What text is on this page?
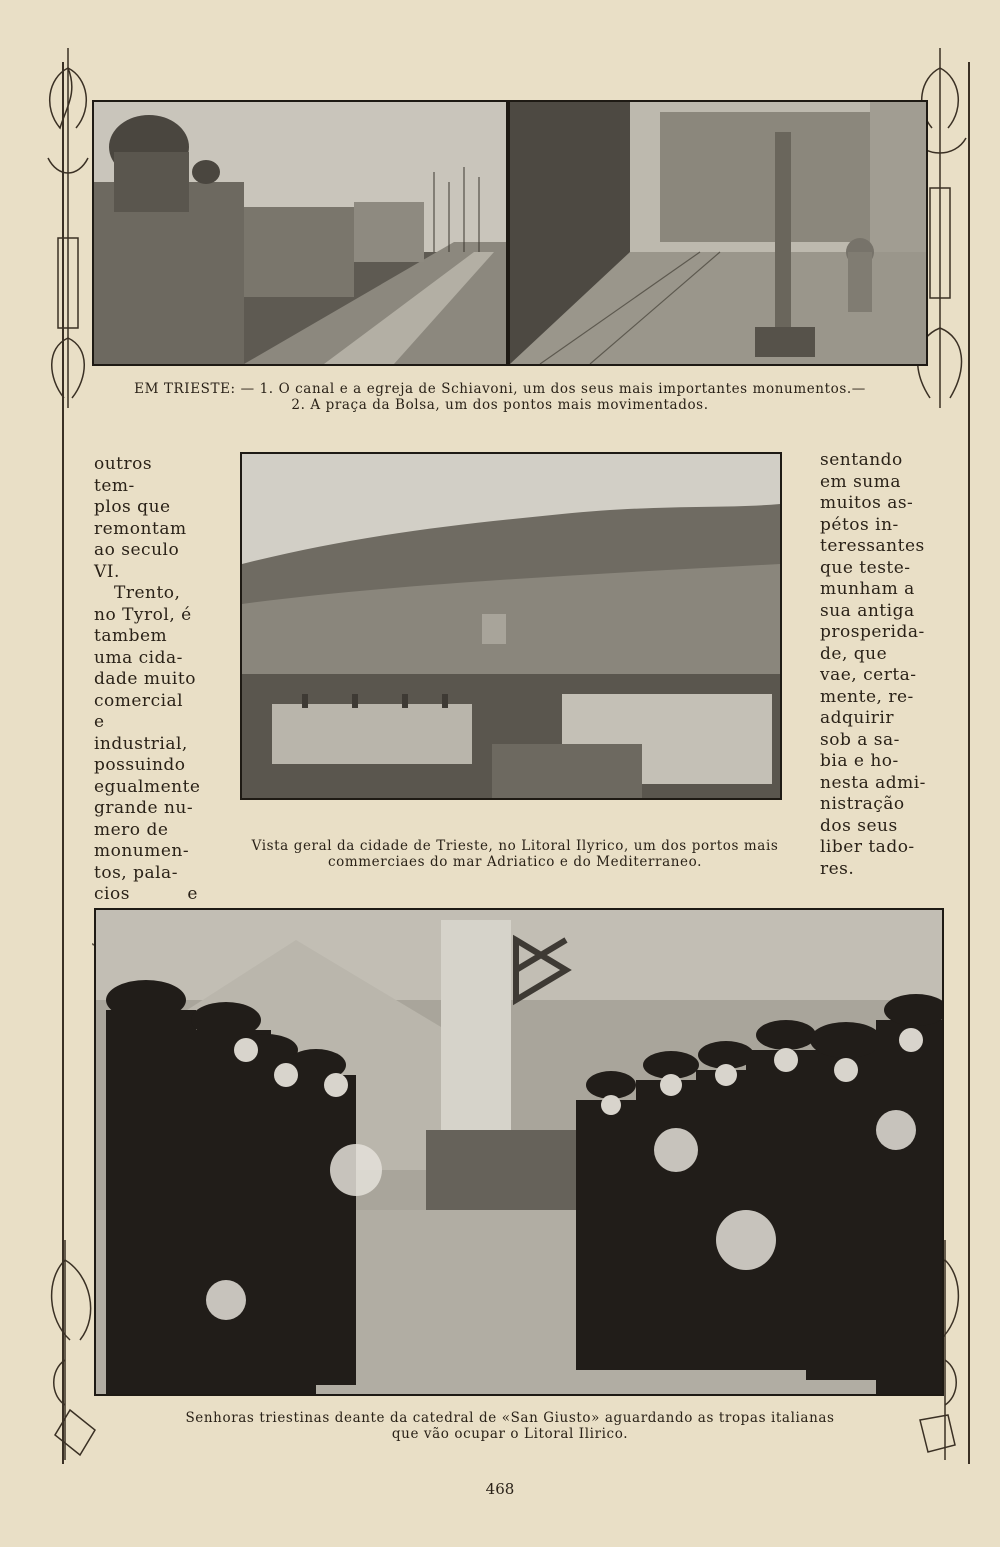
EM TRIESTE: — 1. O canal e a egreja de Schiavoni, um dos seus mais importantes monumentos.—
2. A praça da Bolsa, um dos pontos mais movimentados.
outros tem-
plos que
remontam
ao seculo
VI.
Trento,
no Tyrol, é
tambem
uma cida-
dade muito
comercial
e industrial,
possuindo
egualmente
grande nu-
mero de
monumen-
tos, pala-
cios e
Vista geral da cidade de Trieste, no Litoral Ilyrico, um dos portos mais
commerciaes do mar Adriatico e do Mediterraneo.
sentando
em suma
muitos as-
pétos in-
teressantes
que teste-
munham a
sua antiga
prosperida-
de, que
vae, certa-
mente, re-
adquirir
sob a sa-
bia e ho-
nesta admi-
nistração
dos seus
liber tado-
res.
Senhoras triestinas deante da catedral de «San Giusto» aguardando as tropas italianas
que vão ocupar o Litoral Ilirico.
468
